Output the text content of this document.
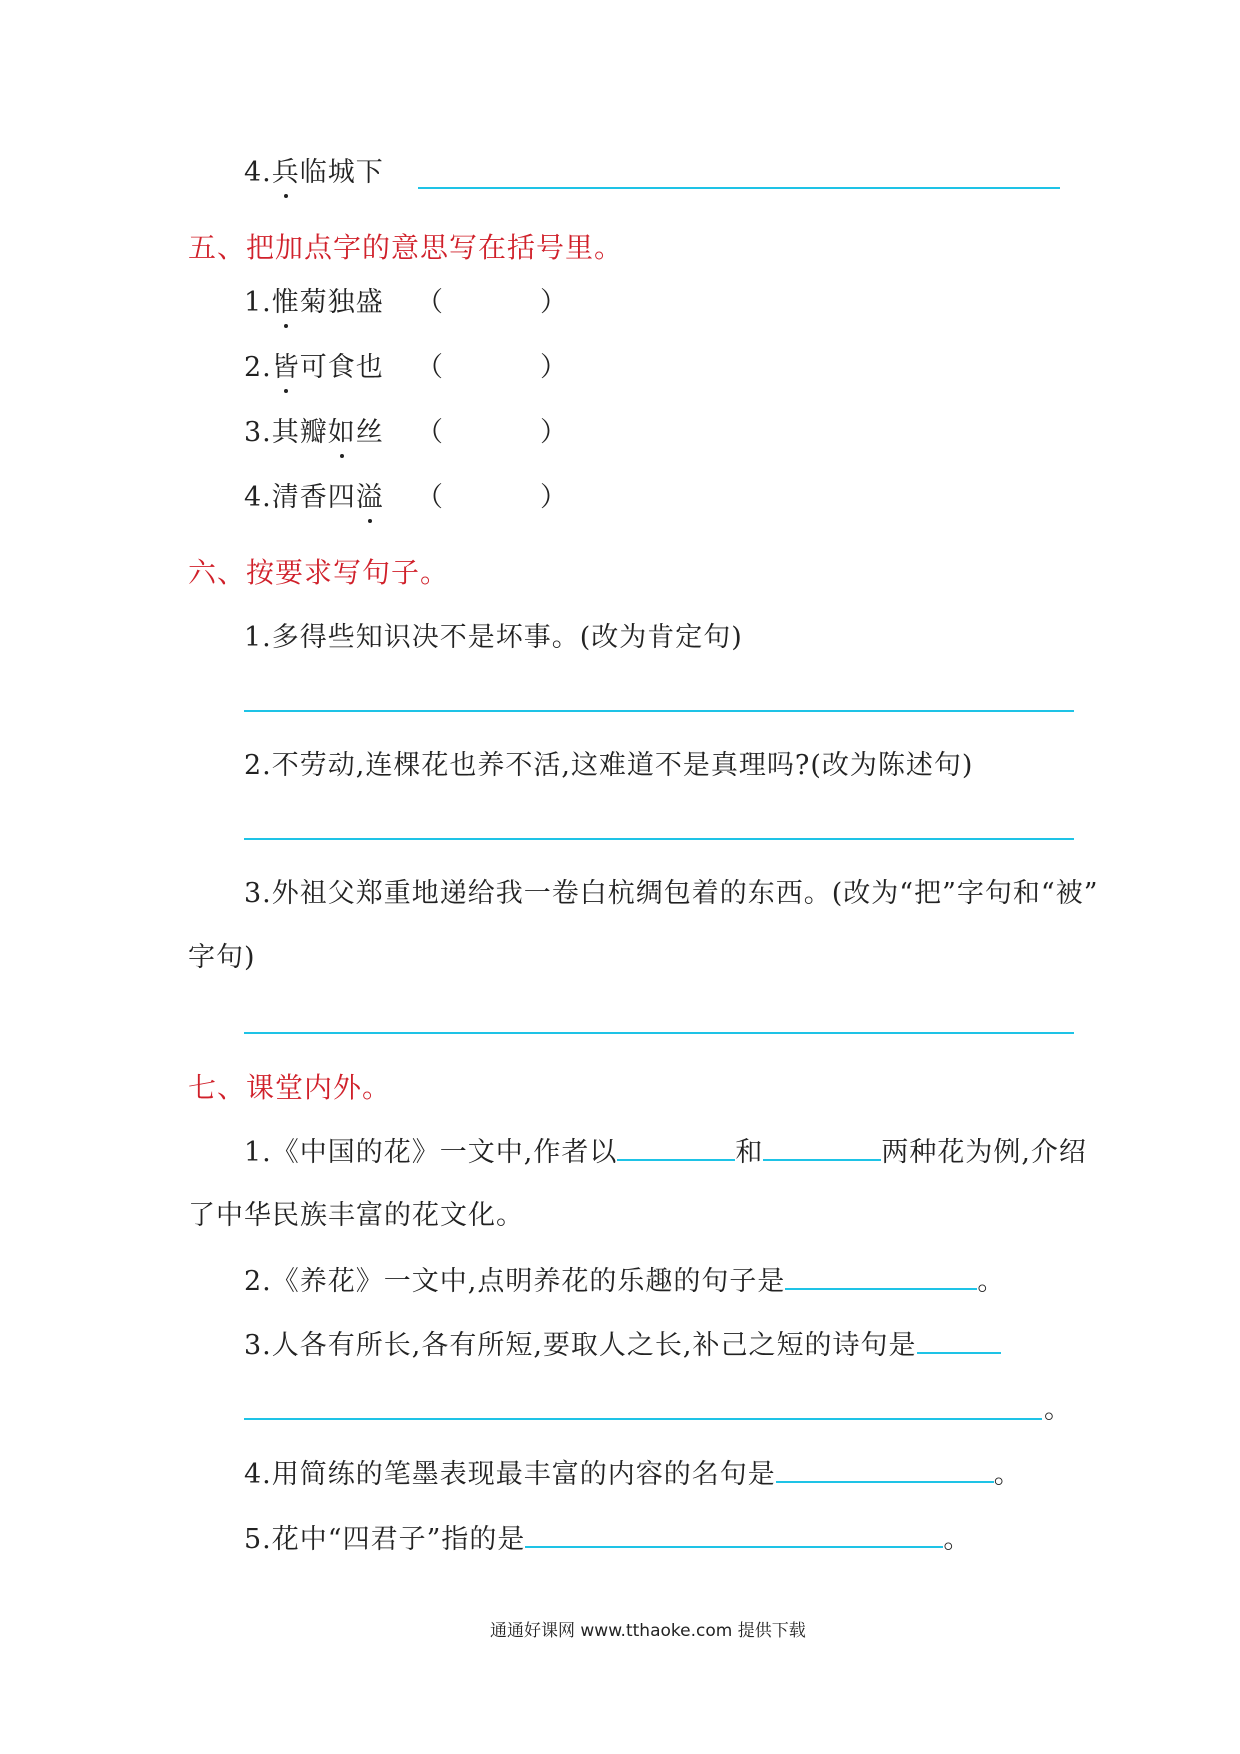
4.兵临城下
五、把加点字的意思写在括号里。
1.惟菊独盛 （	）
2.皆可食也 （	）
3.其瓣如丝 （	）
4.清香四溢 （	）
六、按要求写句子。
1.多得些知识决不是坏事。(改为肯定句)
2.不劳动,连棵花也养不活,这难道不是真理吗?(改为陈述句)
3.外祖父郑重地递给我一卷白杭绸包着的东西。(改为“把”字句和“被”
字句)
七、课堂内外。
1.《中国的花》一文中,作者以	和	两种花为例,介绍
了中华民族丰富的花文化。
2.《养花》一文中,点明养花的乐趣的句子是	。
3.人各有所长,各有所短,要取人之长,补己之短的诗句是
。
4.用简练的笔墨表现最丰富的内容的名句是	。
5.花中“四君子”指的是	。
通通好课网 www.tthaoke.com 提供下载
